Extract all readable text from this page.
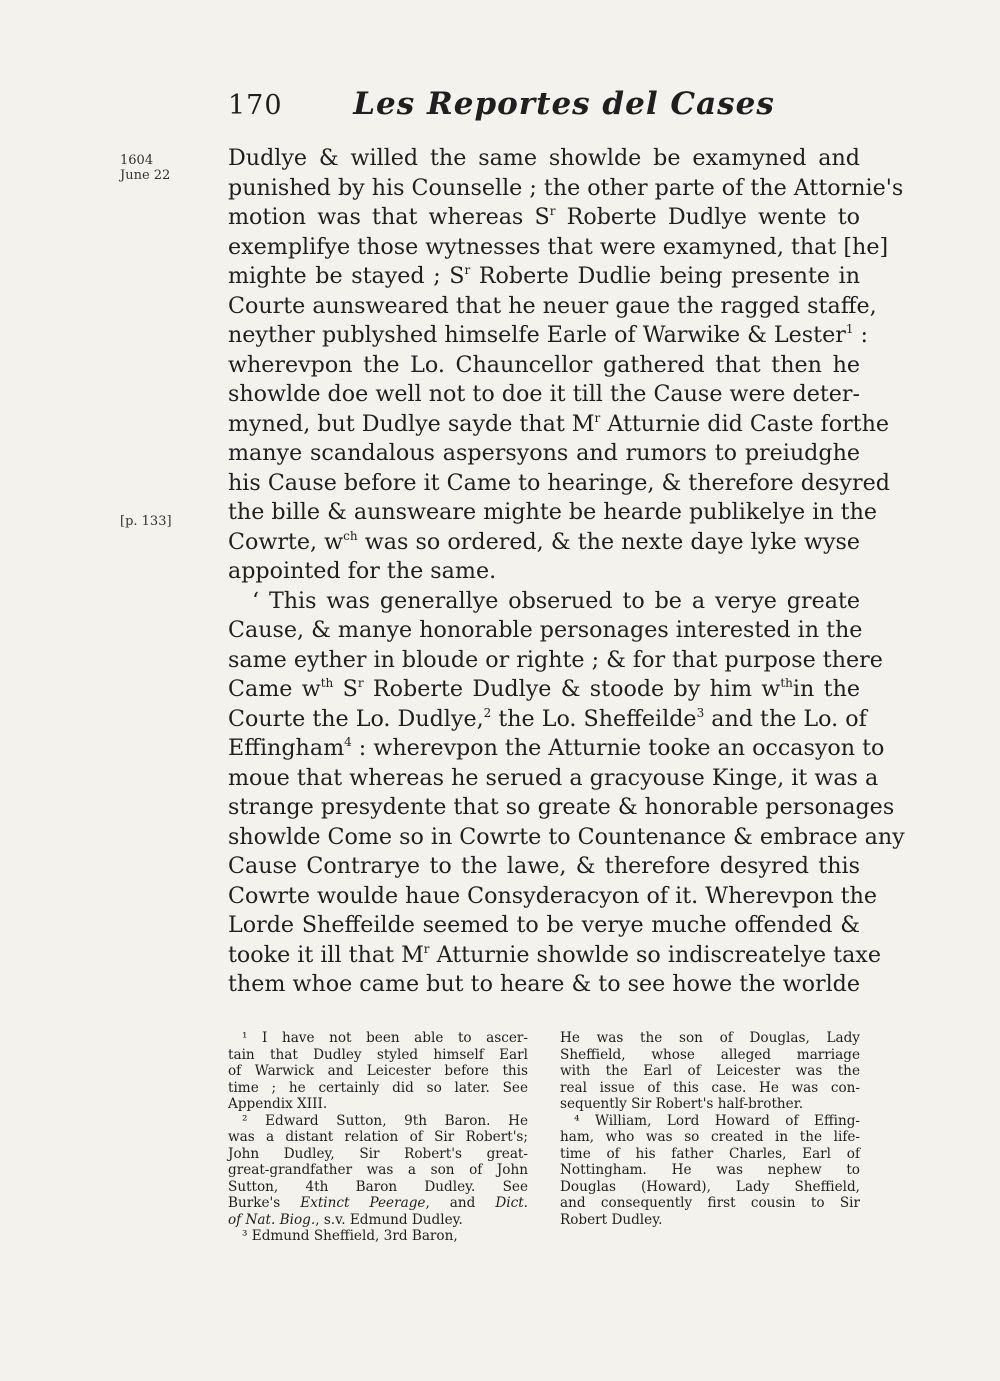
170	Les Reportes del Cases
1604
June 22
[p. 133]
Dudlye & willed the same showlde be examyned and
punished by his Counselle ; the other parte of the Attornie's
motion was that whereas $S^r$ Roberte Dudlye wente to
exemplifye those wytnesses that were examyned, that [he]
mighte be stayed ; $S^r$ Roberte Dudlie being presente in
Courte aunsweared that he neuer gaue the ragged staffe,
neyther publyshed himselfe Earle of Warwike & Lester$^1$ :
wherevpon the Lo. Chauncellor gathered that then he
showlde doe well not to doe it till the Cause were deter-
myned, but Dudlye sayde that $M^r$ Atturnie did Caste forthe
manye scandalous aspersyons and rumors to preiudghe
his Cause before it Came to hearinge, & therefore desyred
the bille & aunsweare mighte be hearde publikelye in the
Cowrte, $w^{ch}$ was so ordered, & the nexte daye lyke wyse
appointed for the same.
‘ This was generallye obserued to be a verye greate
Cause, & manye honorable personages interested in the
same eyther in bloude or righte ; & for that purpose there
Came $w^{th}$ $S^r$ Roberte Dudlye & stoode by him $w^{th}in$ the
Courte the Lo. Dudlye,$^2$ the Lo. Sheffeilde$^3$ and the Lo. of
Effingham$^4$ : wherevpon the Atturnie tooke an occasyon to
moue that whereas he serued a gracyouse Kinge, it was a
strange presydente that so greate & honorable personages
showlde Come so in Cowrte to Countenance & embrace any
Cause Contrarye to the lawe, & therefore desyred this
Cowrte woulde haue Consyderacyon of it. Wherevpon the
Lorde Sheffeilde seemed to be verye muche offended &
tooke it ill that $M^r$ Atturnie showlde so indiscreatelye taxe
them whoe came but to heare & to see howe the worlde
¹ I have not been able to ascer-
tain that Dudley styled himself Earl
of Warwick and Leicester before this
time ; he certainly did so later. See
Appendix XIII.
² Edward Sutton, 9th Baron. He
was a distant relation of Sir Robert's;
John Dudley, Sir Robert's great-
great-grandfather was a son of John
Sutton, 4th Baron Dudley. See
Burke's Extinct Peerage, and Dict.
of Nat. Biog., s.v. Edmund Dudley.
³ Edmund Sheffield, 3rd Baron,
He was the son of Douglas, Lady
Sheffield, whose alleged marriage
with the Earl of Leicester was the
real issue of this case. He was con-
sequently Sir Robert's half-brother.
⁴ William, Lord Howard of Effing-
ham, who was so created in the life-
time of his father Charles, Earl of
Nottingham. He was nephew to
Douglas (Howard), Lady Sheffield,
and consequently first cousin to Sir
Robert Dudley.
